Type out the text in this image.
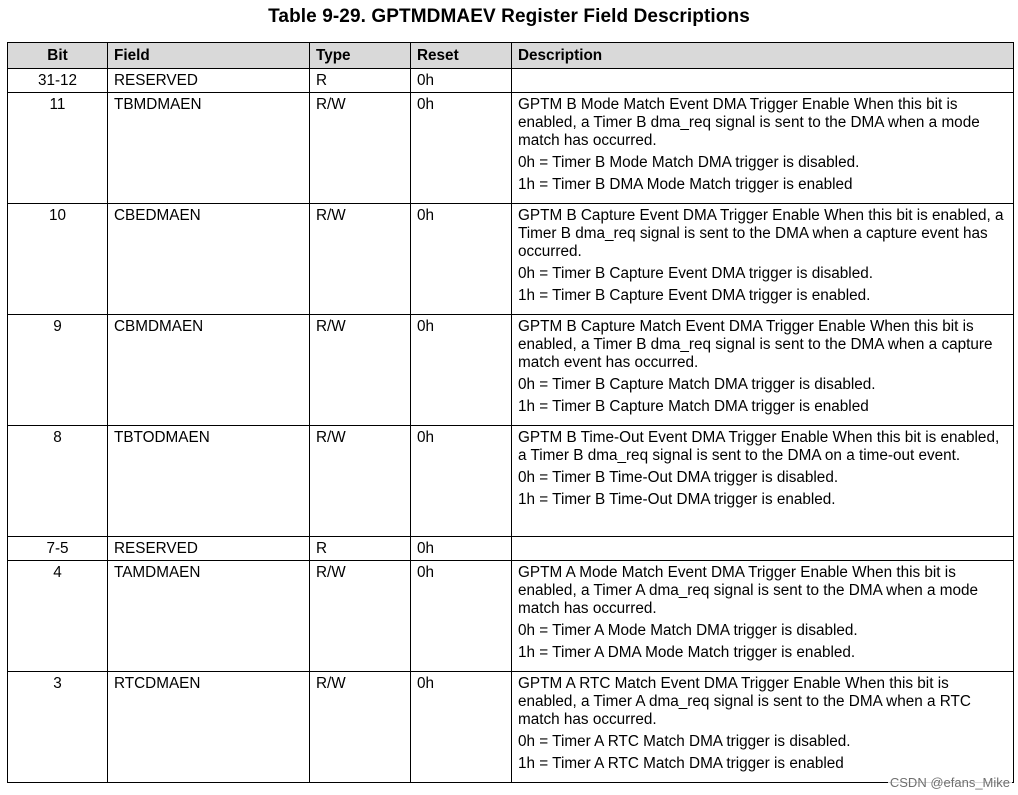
Table 9-29. GPTMDMAEV Register Field Descriptions
Bit	Field	Type	Reset	Description
31-12	RESERVED	R	0h	
11	TBMDMAEN	R/W	0h	GPTM B Mode Match Event DMA Trigger Enable When this bit is enabled, a Timer B dma_req signal is sent to the DMA when a mode match has occurred.

0h = Timer B Mode Match DMA trigger is disabled.

1h = Timer B DMA Mode Match trigger is enabled

10	CBEDMAEN	R/W	0h	GPTM B Capture Event DMA Trigger Enable When this bit is enabled, a Timer B dma_req signal is sent to the DMA when a capture event has occurred.

0h = Timer B Capture Event DMA trigger is disabled.

1h = Timer B Capture Event DMA trigger is enabled.

9	CBMDMAEN	R/W	0h	GPTM B Capture Match Event DMA Trigger Enable When this bit is enabled, a Timer B dma_req signal is sent to the DMA when a capture match event has occurred.

0h = Timer B Capture Match DMA trigger is disabled.

1h = Timer B Capture Match DMA trigger is enabled

8	TBTODMAEN	R/W	0h	GPTM B Time-Out Event DMA Trigger Enable When this bit is enabled, a Timer B dma_req signal is sent to the DMA on a time-out event.

0h = Timer B Time-Out DMA trigger is disabled.

1h = Timer B Time-Out DMA trigger is enabled.

7-5	RESERVED	R	0h	
4	TAMDMAEN	R/W	0h	GPTM A Mode Match Event DMA Trigger Enable When this bit is enabled, a Timer A dma_req signal is sent to the DMA when a mode match has occurred.

0h = Timer A Mode Match DMA trigger is disabled.

1h = Timer A DMA Mode Match trigger is enabled.

3	RTCDMAEN	R/W	0h	GPTM A RTC Match Event DMA Trigger Enable When this bit is enabled, a Timer A dma_req signal is sent to the DMA when a RTC match has occurred.

0h = Timer A RTC Match DMA trigger is disabled.

1h = Timer A RTC Match DMA trigger is enabled

CSDN @efans_Mike
